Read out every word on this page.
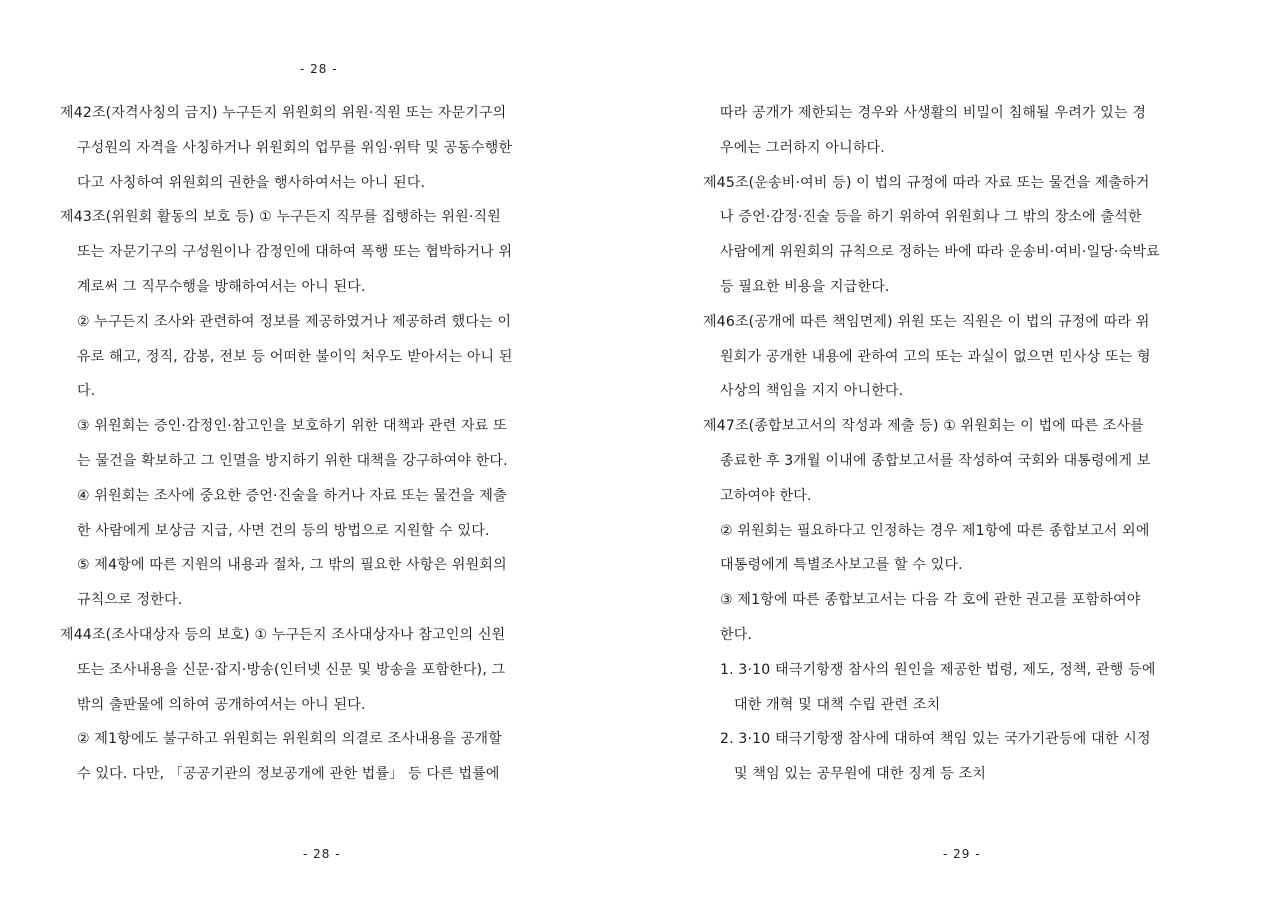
- 28 -
제42조(자격사칭의 금지) 누구든지 위원회의 위원·직원 또는 자문기구의
구성원의 자격을 사칭하거나 위원회의 업무를 위임·위탁 및 공동수행한
다고 사칭하여 위원회의 권한을 행사하여서는 아니 된다.
제43조(위원회 활동의 보호 등) ① 누구든지 직무를 집행하는 위원·직원
또는 자문기구의 구성원이나 감정인에 대하여 폭행 또는 협박하거나 위
계로써 그 직무수행을 방해하여서는 아니 된다.
② 누구든지 조사와 관련하여 정보를 제공하였거나 제공하려 했다는 이
유로 해고, 정직, 감봉, 전보 등 어떠한 불이익 처우도 받아서는 아니 된
다.
③ 위원회는 증인·감정인·참고인을 보호하기 위한 대책과 관련 자료 또
는 물건을 확보하고 그 인멸을 방지하기 위한 대책을 강구하여야 한다.
④ 위원회는 조사에 중요한 증언·진술을 하거나 자료 또는 물건을 제출
한 사람에게 보상금 지급, 사면 건의 등의 방법으로 지원할 수 있다.
⑤ 제4항에 따른 지원의 내용과 절차, 그 밖의 필요한 사항은 위원회의
규칙으로 정한다.
제44조(조사대상자 등의 보호) ① 누구든지 조사대상자나 참고인의 신원
또는 조사내용을 신문·잡지·방송(인터넷 신문 및 방송을 포함한다), 그
밖의 출판물에 의하여 공개하여서는 아니 된다.
② 제1항에도 불구하고 위원회는 위원회의 의결로 조사내용을 공개할
수 있다. 다만, 「공공기관의 정보공개에 관한 법률」 등 다른 법률에
따라 공개가 제한되는 경우와 사생활의 비밀이 침해될 우려가 있는 경
우에는 그러하지 아니하다.
제45조(운송비·여비 등) 이 법의 규정에 따라 자료 또는 물건을 제출하거
나 증언·감정·진술 등을 하기 위하여 위원회나 그 밖의 장소에 출석한
사람에게 위원회의 규칙으로 정하는 바에 따라 운송비·여비·일당·숙박료
등 필요한 비용을 지급한다.
제46조(공개에 따른 책임면제) 위원 또는 직원은 이 법의 규정에 따라 위
원회가 공개한 내용에 관하여 고의 또는 과실이 없으면 민사상 또는 형
사상의 책임을 지지 아니한다.
제47조(종합보고서의 작성과 제출 등) ① 위원회는 이 법에 따른 조사를
종료한 후 3개월 이내에 종합보고서를 작성하여 국회와 대통령에게 보
고하여야 한다.
② 위원회는 필요하다고 인정하는 경우 제1항에 따른 종합보고서 외에
대통령에게 특별조사보고를 할 수 있다.
③ 제1항에 따른 종합보고서는 다음 각 호에 관한 권고를 포함하여야
한다.
1. 3·10 태극기항쟁 참사의 원인을 제공한 법령, 제도, 정책, 관행 등에
대한 개혁 및 대책 수립 관련 조치
2. 3·10 태극기항쟁 참사에 대하여 책임 있는 국가기관등에 대한 시정
및 책임 있는 공무원에 대한 징계 등 조치
- 28 -	- 29 -
